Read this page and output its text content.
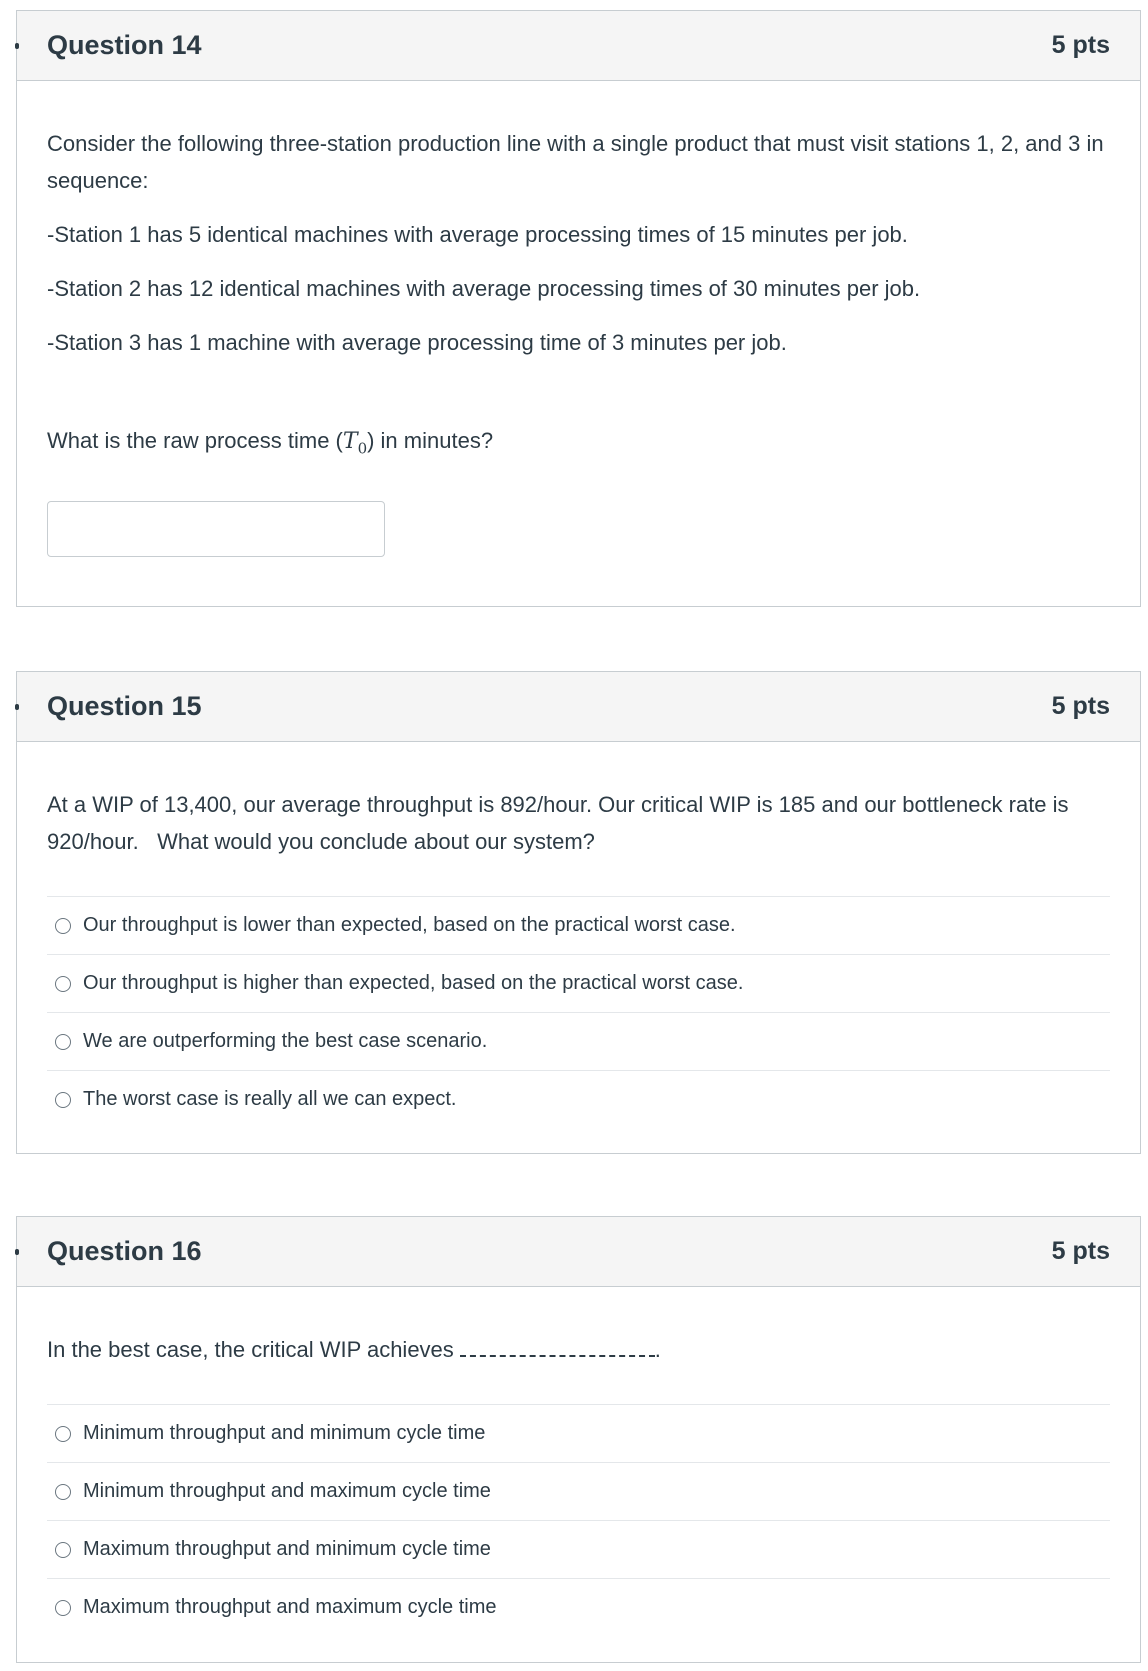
Question 14	5 pts

Consider the following three-station production line with a single product that must visit stations 1, 2, and 3 in sequence:

-Station 1 has 5 identical machines with average processing times of 15 minutes per job.

-Station 2 has 12 identical machines with average processing times of 30 minutes per job.

-Station 3 has 1 machine with average processing time of 3 minutes per job.

What is the raw process time $(T_0)$ in minutes?

Question 15	5 pts

At a WIP of 13,400, our average throughput is 892/hour. Our critical WIP is 185 and our bottleneck rate is 920/hour.   What would you conclude about our system?

Our throughput is lower than expected, based on the practical worst case.
Our throughput is higher than expected, based on the practical worst case.
We are outperforming the best case scenario.
The worst case is really all we can expect.
Question 16	5 pts

In the best case, the critical WIP achieves	.

Minimum throughput and minimum cycle time
Minimum throughput and maximum cycle time
Maximum throughput and minimum cycle time
Maximum throughput and maximum cycle time
